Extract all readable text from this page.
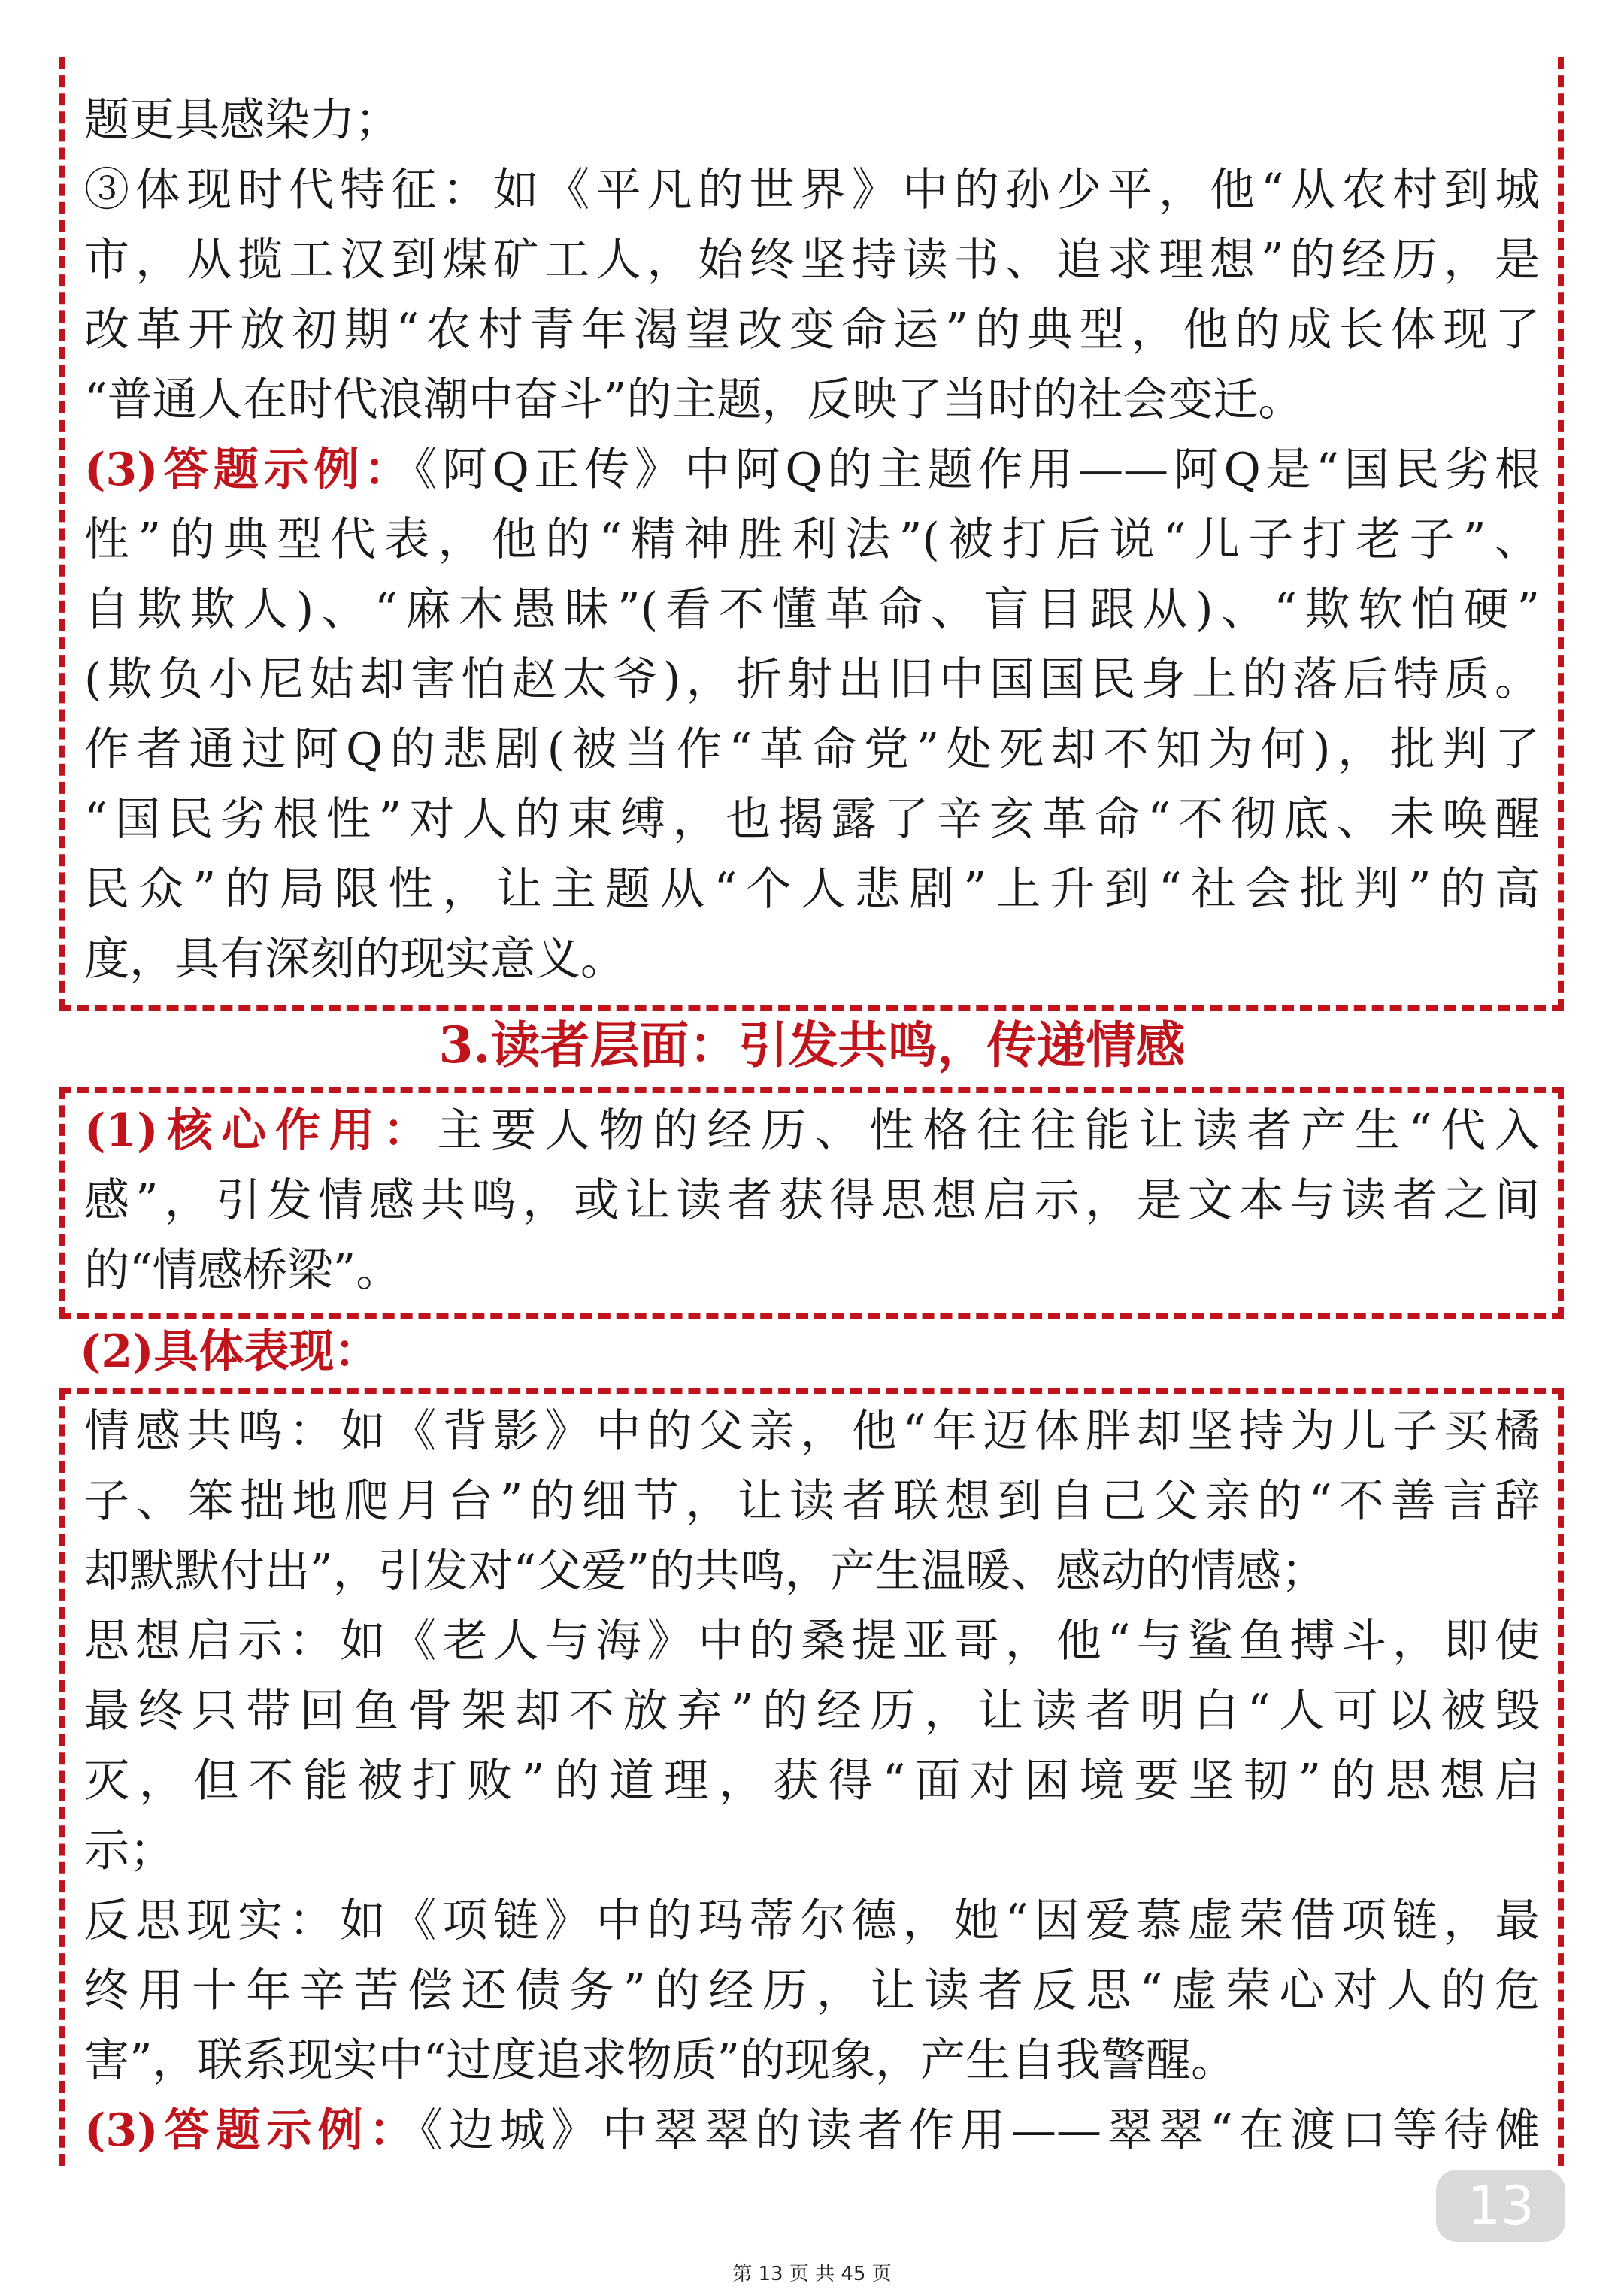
题更具感染力；
③体现时代特征：如《平凡的世界》中的孙少平，他“从农村到城
市，从揽工汉到煤矿工人，始终坚持读书、追求理想”的经历，是
改革开放初期“农村青年渴望改变命运”的典型，他的成长体现了
“普通人在时代浪潮中奋斗”的主题，反映了当时的社会变迁。
(3)答题示例：《阿Q正传》中阿Q的主题作用——阿Q是“国民劣根
性”的典型代表，他的“精神胜利法”(被打后说“儿子打老子”、
自欺欺人)、“麻木愚昧”(看不懂革命、盲目跟从)、“欺软怕硬”
(欺负小尼姑却害怕赵太爷)，折射出旧中国国民身上的落后特质。
作者通过阿Q的悲剧(被当作“革命党”处死却不知为何)，批判了
“国民劣根性”对人的束缚，也揭露了辛亥革命“不彻底、未唤醒
民众”的局限性，让主题从“个人悲剧”上升到“社会批判”的高
度，具有深刻的现实意义。
3.读者层面：引发共鸣，传递情感
(1)核心作用：主要人物的经历、性格往往能让读者产生“代入
感”，引发情感共鸣，或让读者获得思想启示，是文本与读者之间
的“情感桥梁”。
(2)具体表现：
情感共鸣：如《背影》中的父亲，他“年迈体胖却坚持为儿子买橘
子、笨拙地爬月台”的细节，让读者联想到自己父亲的“不善言辞
却默默付出”，引发对“父爱”的共鸣，产生温暖、感动的情感；
思想启示：如《老人与海》中的桑提亚哥，他“与鲨鱼搏斗，即使
最终只带回鱼骨架却不放弃”的经历，让读者明白“人可以被毁
灭，但不能被打败”的道理，获得“面对困境要坚韧”的思想启
示；
反思现实：如《项链》中的玛蒂尔德，她“因爱慕虚荣借项链，最
终用十年辛苦偿还债务”的经历，让读者反思“虚荣心对人的危
害”，联系现实中“过度追求物质”的现象，产生自我警醒。
(3)答题示例：《边城》中翠翠的读者作用——翠翠“在渡口等待傩
13
第 13 页 共 45 页
